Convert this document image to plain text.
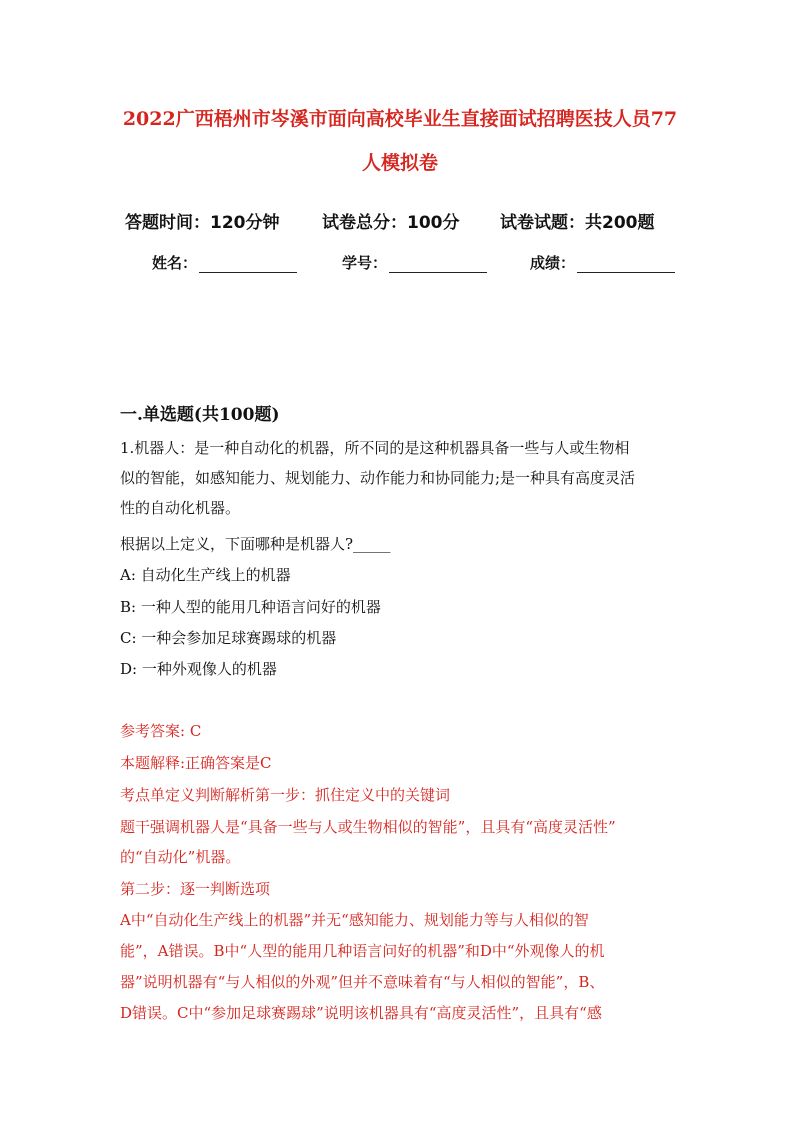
2022广西梧州市岑溪市面向高校毕业生直接面试招聘医技人员77
人模拟卷
答题时间：120分钟	试卷总分：100分 试卷试题：共200题
姓名：	学号：	成绩：
一.单选题(共100题)
1.机器人：是一种自动化的机器，所不同的是这种机器具备一些与人或生物相
似的智能，如感知能力、规划能力、动作能力和协同能力;是一种具有高度灵活
性的自动化机器。
根据以上定义，下面哪种是机器人?_____
A: 自动化生产线上的机器
B: 一种人型的能用几种语言问好的机器
C: 一种会参加足球赛踢球的机器
D: 一种外观像人的机器
参考答案: C
本题解释:正确答案是C
考点单定义判断解析第一步：抓住定义中的关键词
题干强调机器人是“具备一些与人或生物相似的智能”，且具有“高度灵活性”
的“自动化”机器。
第二步：逐一判断选项
A中“自动化生产线上的机器”并无“感知能力、规划能力等与人相似的智
能”，A错误。B中“人型的能用几种语言问好的机器”和D中“外观像人的机
器”说明机器有“与人相似的外观”但并不意味着有“与人相似的智能”，B、
D错误。C中“参加足球赛踢球”说明该机器具有“高度灵活性”，且具有“感
